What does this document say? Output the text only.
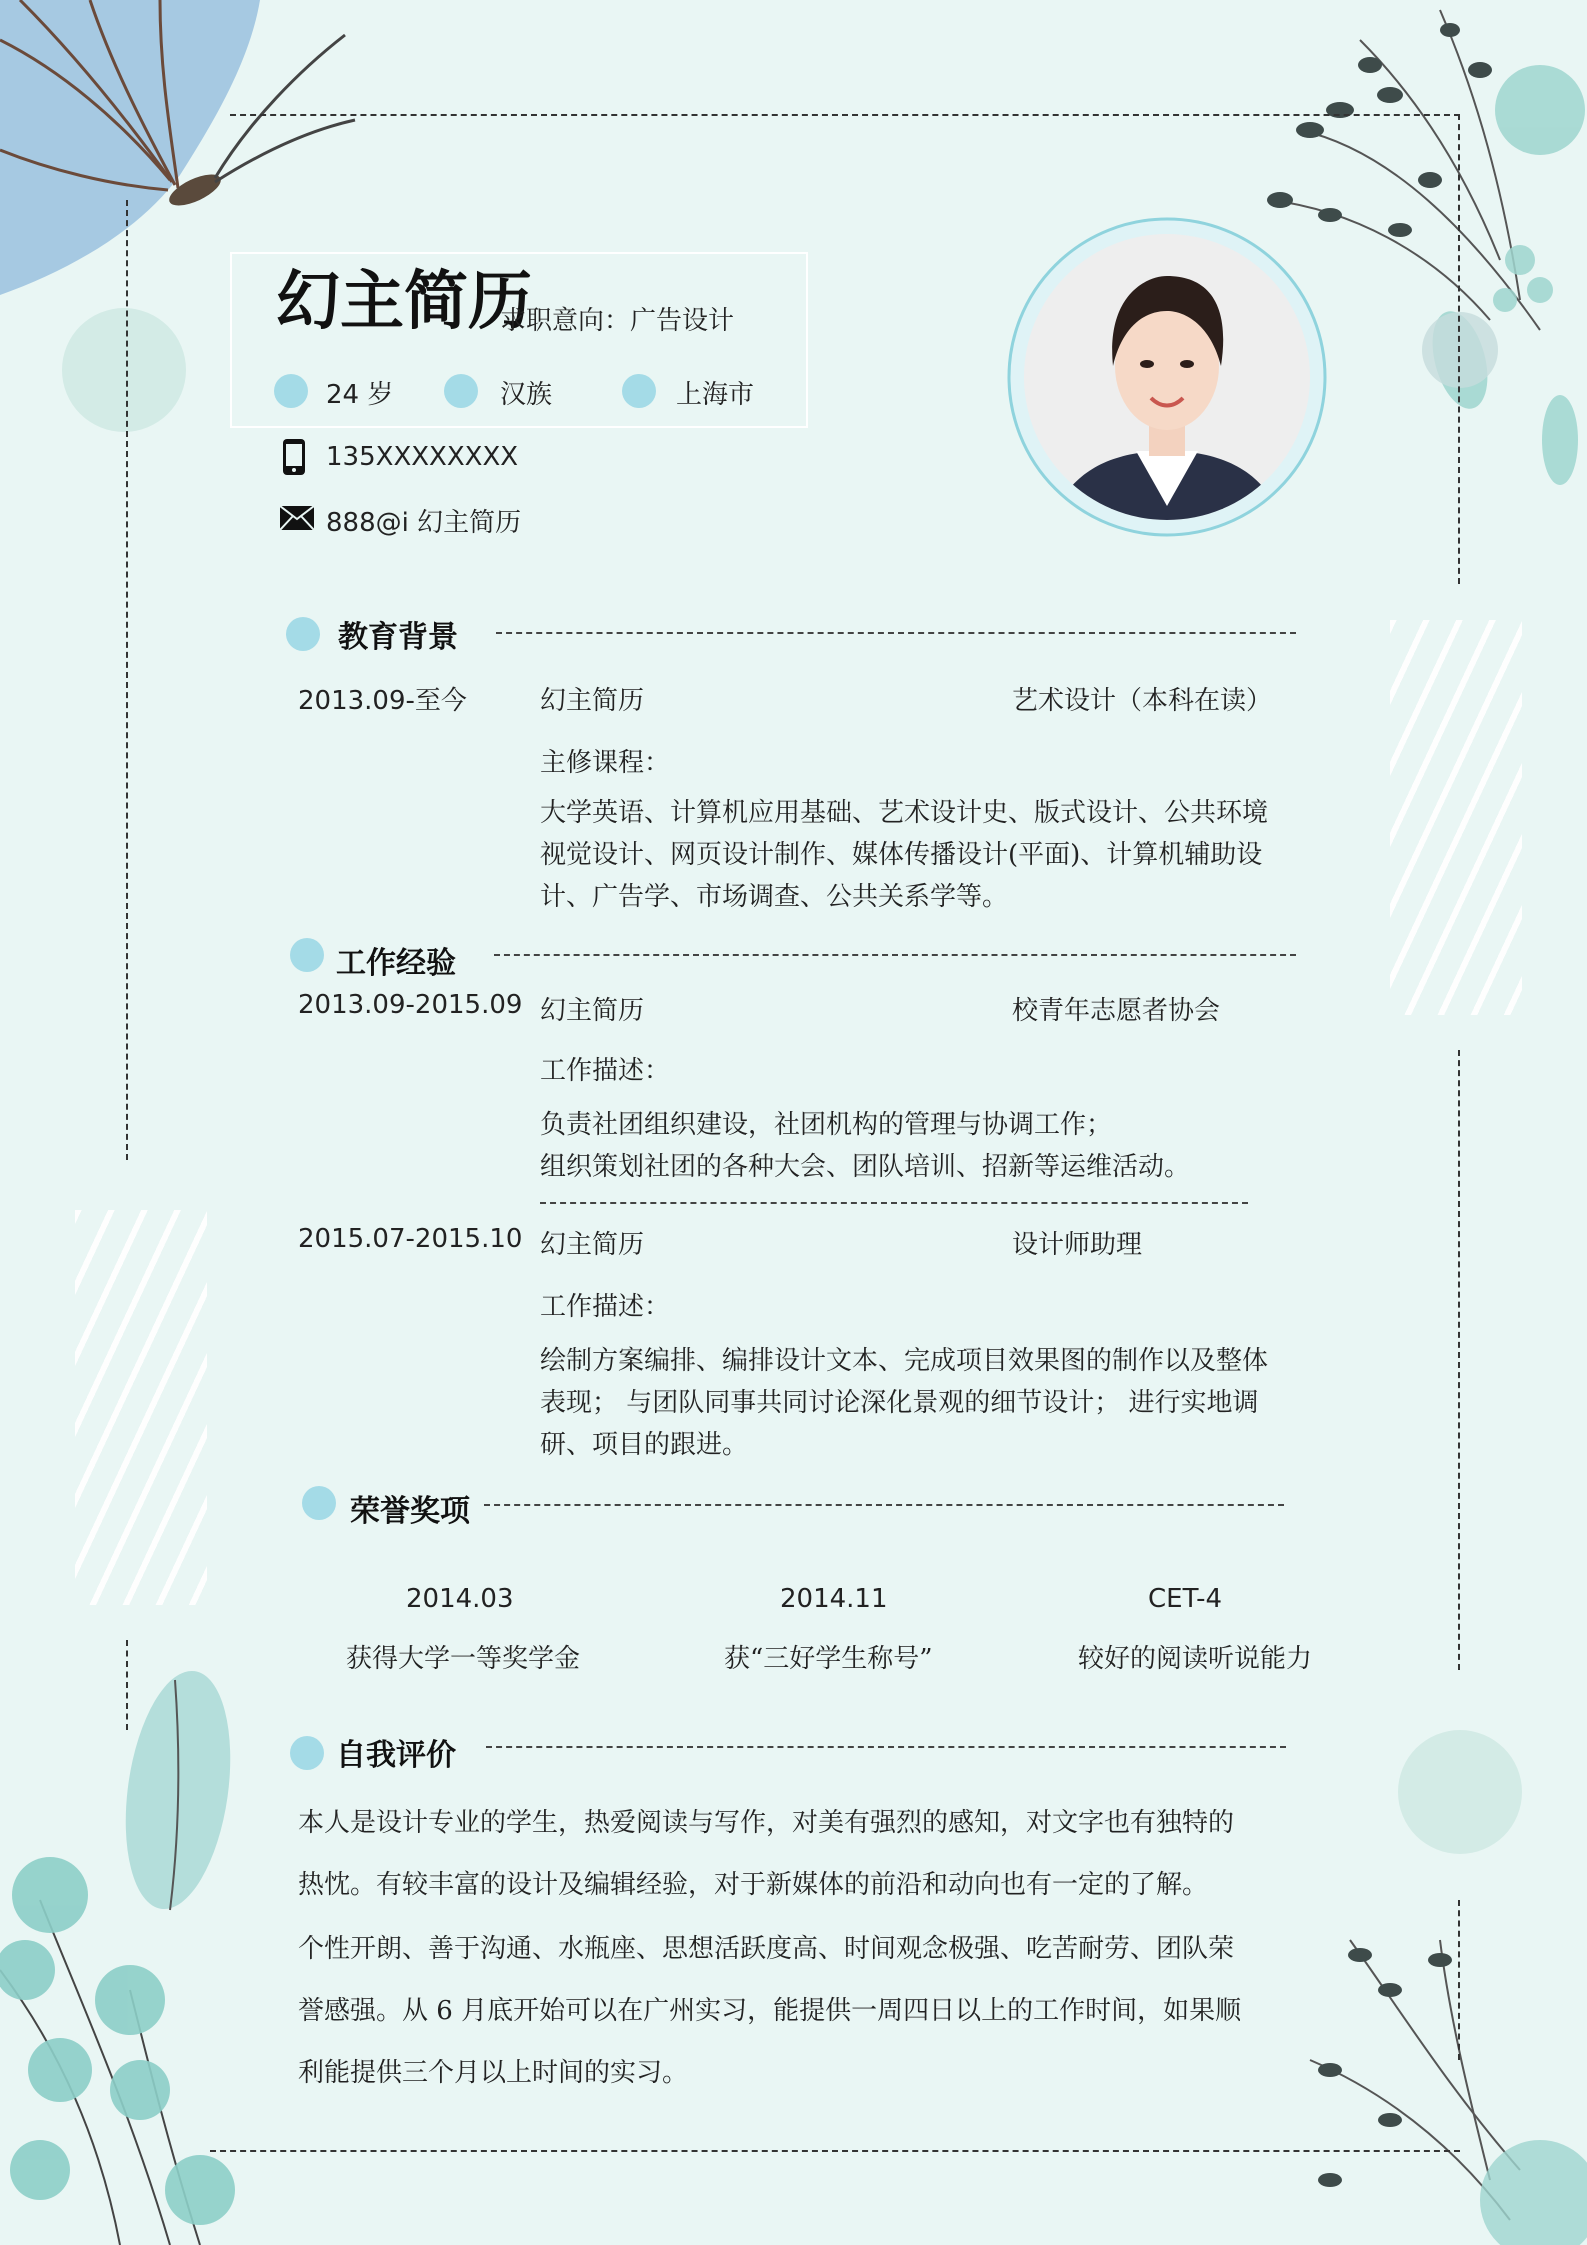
幻主简历
求职意向：广告设计
24 岁	汉族	上海市
135XXXXXXXX
888@i 幻主简历
教育背景
2013.09-至今	幻主简历	艺术设计（本科在读）
主修课程：
大学英语、计算机应用基础、艺术设计史、版式设计、公共环境
视觉设计、网页设计制作、媒体传播设计(平面)、计算机辅助设
计、广告学、市场调查、公共关系学等。
工作经验
2013.09-2015.09 幻主简历	校青年志愿者协会
工作描述：
负责社团组织建设，社团机构的管理与协调工作；
组织策划社团的各种大会、团队培训、招新等运维活动。
2015.07-2015.10 幻主简历	设计师助理
工作描述：
绘制方案编排、编排设计文本、完成项目效果图的制作以及整体
表现； 与团队同事共同讨论深化景观的细节设计； 进行实地调
研、项目的跟进。
荣誉奖项
2014.03	2014.11	CET-4
获得大学一等奖学金	获“三好学生称号”	较好的阅读听说能力
自我评价
本人是设计专业的学生，热爱阅读与写作，对美有强烈的感知，对文字也有独特的
热忱。有较丰富的设计及编辑经验，对于新媒体的前沿和动向也有一定的了解。
个性开朗、善于沟通、水瓶座、思想活跃度高、时间观念极强、吃苦耐劳、团队荣
誉感强。从 6 月底开始可以在广州实习，能提供一周四日以上的工作时间，如果顺
利能提供三个月以上时间的实习。
